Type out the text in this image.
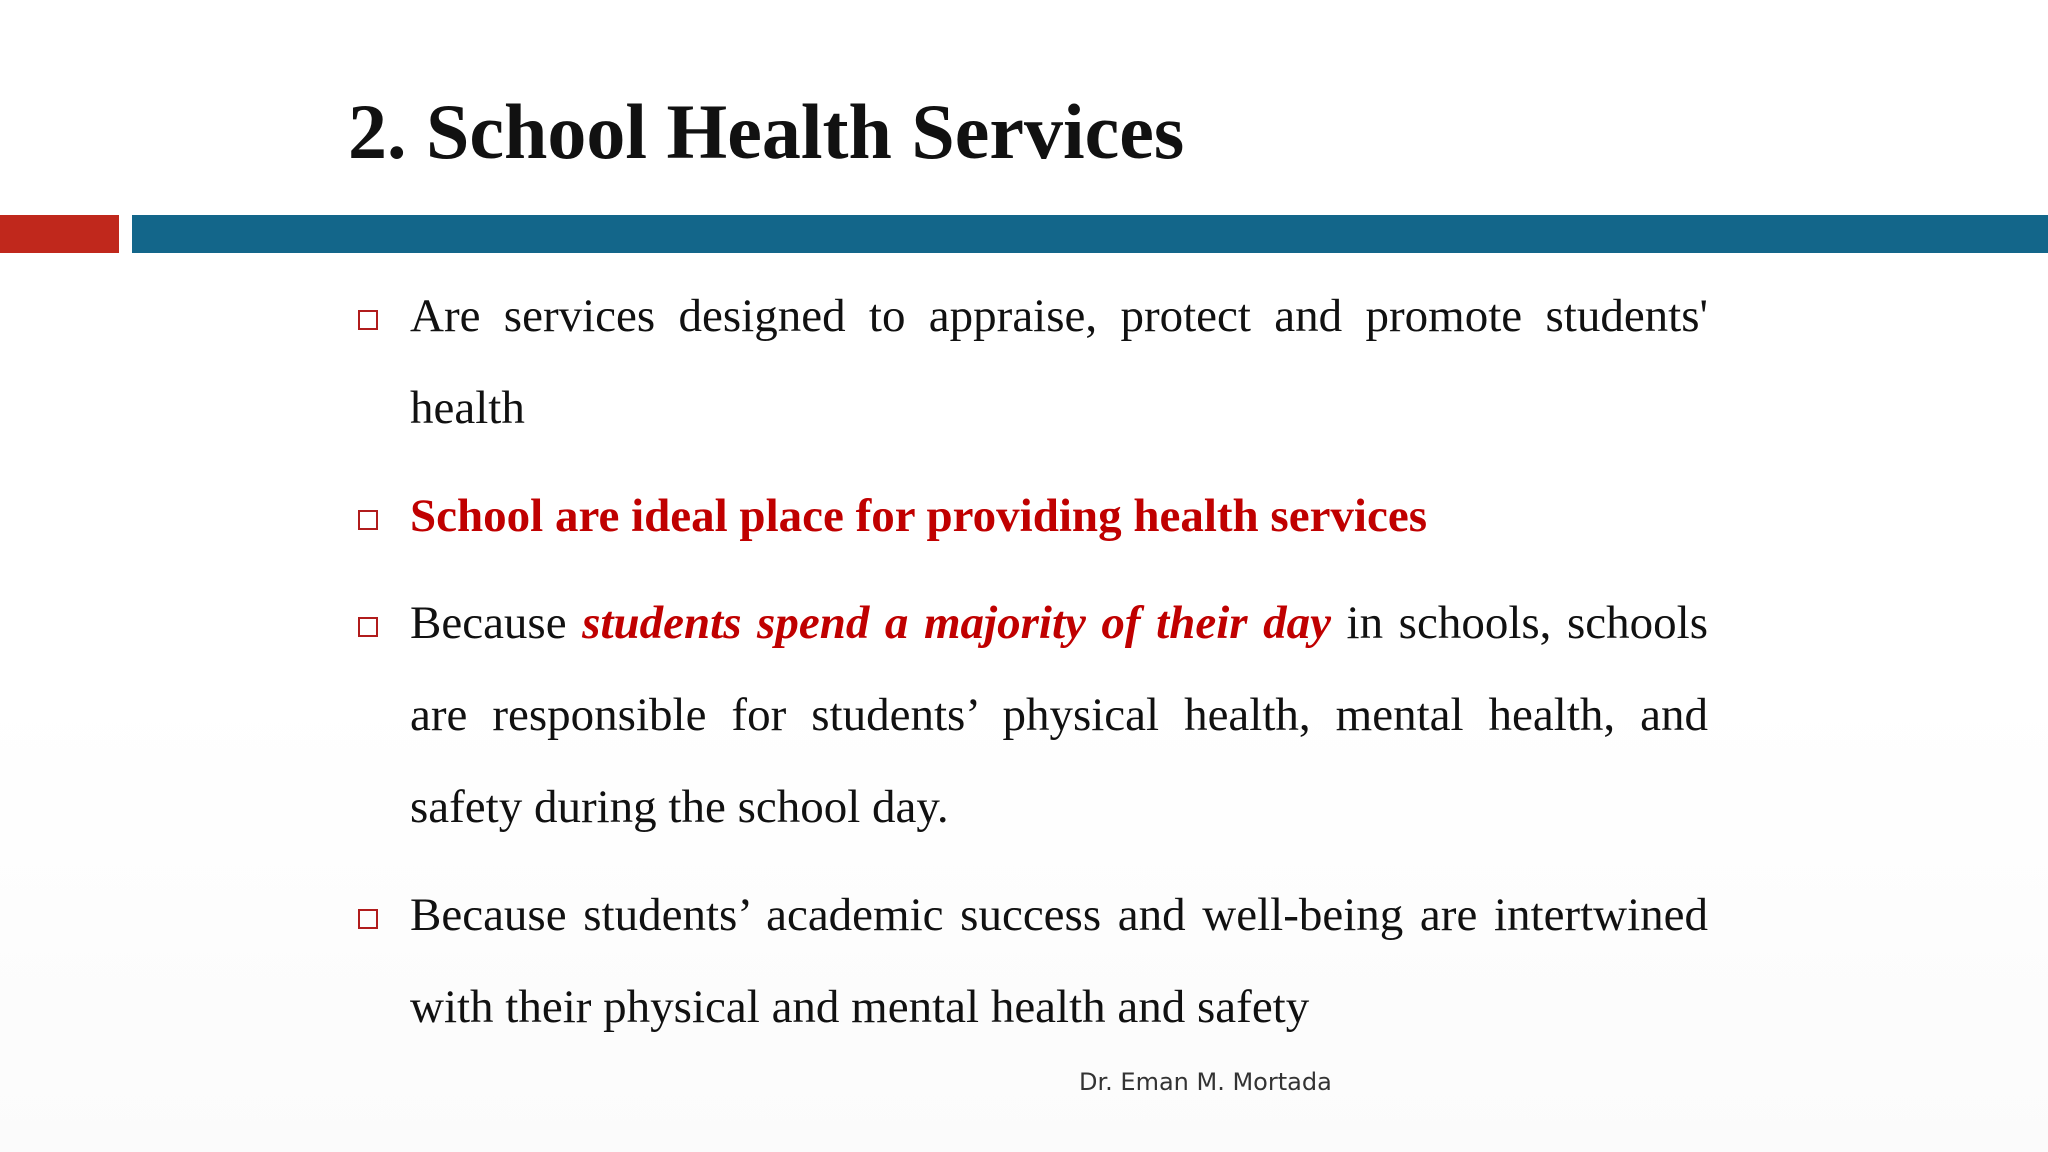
2. School Health Services

Are services designed to appraise, protect and promote students' health

School are ideal place for providing health services

Because students spend a majority of their day in schools, schools are responsible for students’ physical health, mental health, and safety during the school day.

Because students’ academic success and well-being are intertwined with their physical and mental health and safety

Dr. Eman M. Mortada
